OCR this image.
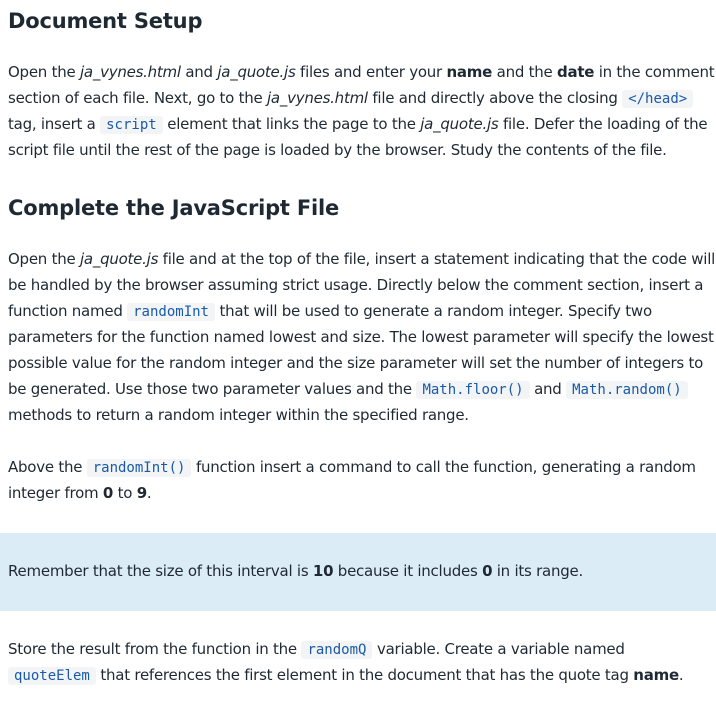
Document Setup
Open the ja_vynes.html and ja_quote.js files and enter your name and the date in the comment
section of each file. Next, go to the ja_vynes.html file and directly above the closing </head>
tag, insert a script element that links the page to the ja_quote.js file. Defer the loading of the
script file until the rest of the page is loaded by the browser. Study the contents of the file.
Complete the JavaScript File
Open the ja_quote.js file and at the top of the file, insert a statement indicating that the code will
be handled by the browser assuming strict usage. Directly below the comment section, insert a
function named randomInt that will be used to generate a random integer. Specify two
parameters for the function named lowest and size. The lowest parameter will specify the lowest
possible value for the random integer and the size parameter will set the number of integers to
be generated. Use those two parameter values and the Math.floor() and Math.random()
methods to return a random integer within the specified range.
Above the randomInt() function insert a command to call the function, generating a random
integer from 0 to 9.
Remember that the size of this interval is 10 because it includes 0 in its range.
Store the result from the function in the randomQ variable. Create a variable named
quoteElem that references the first element in the document that has the quote tag name.
